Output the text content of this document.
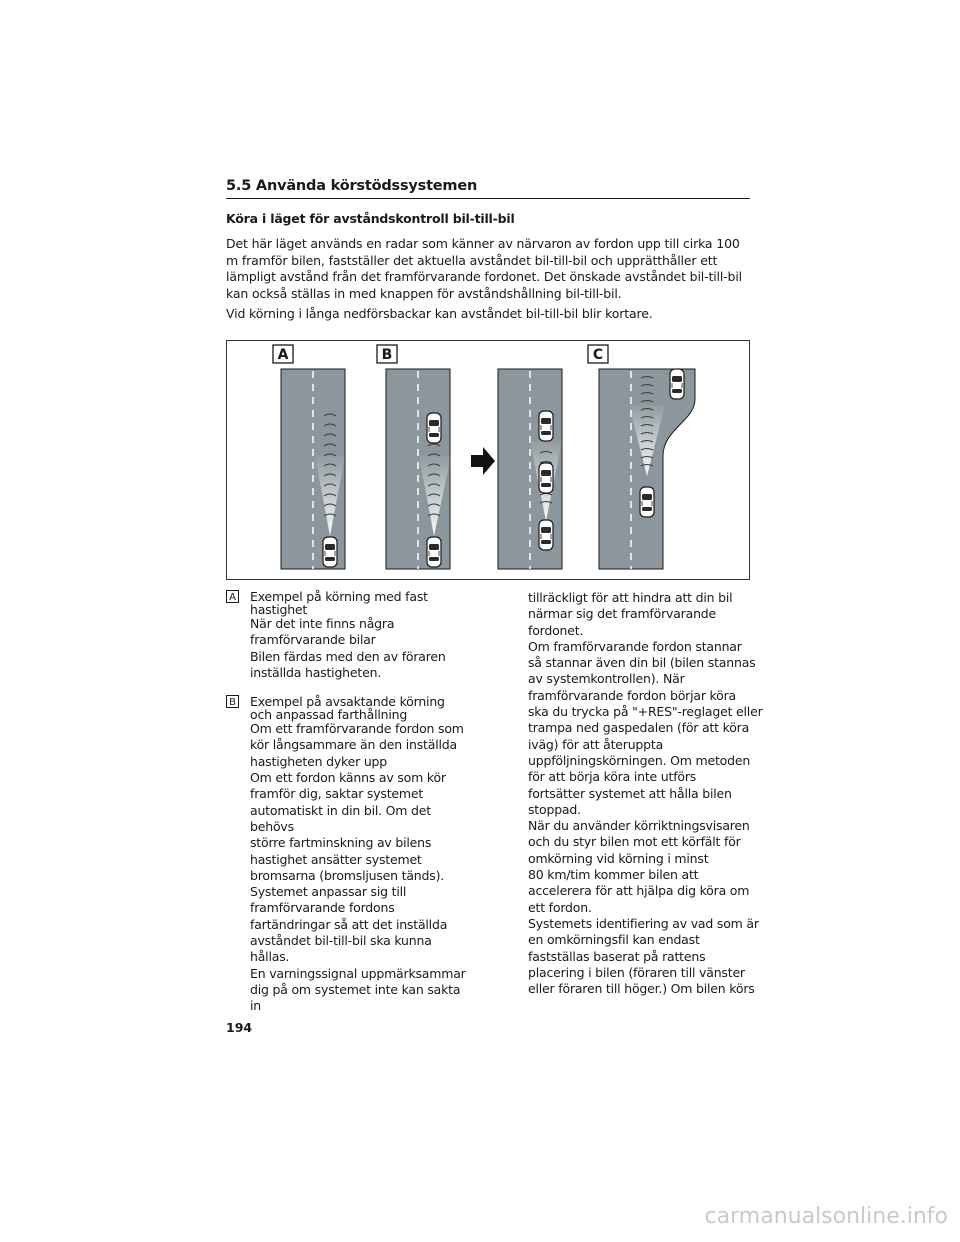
5.5 Använda körstödssystemen
Köra i läget för avståndskontroll bil-till-bil
Det här läget används en radar som känner av närvaron av fordon upp till cirka 100 m framför bilen, fastställer det aktuella avståndet bil-till-bil och upprätthåller ett lämpligt avstånd från det framförvarande fordonet. Det önskade avståndet bil-till-bil kan också ställas in med knappen för avståndshållning bil-till-bil.
Vid körning i långa nedförsbackar kan avståndet bil-till-bil blir kortare.
A	B	C
A Exempel på körning med fast hastighet
När det inte finns några
framförvarande bilar
Bilen färdas med den av föraren
inställda hastigheten.
B Exempel på avsaktande körning och anpassad farthållning
Om ett framförvarande fordon som
kör långsammare än den inställda
hastigheten dyker upp
Om ett fordon känns av som kör
framför dig, saktar systemet
automatiskt in din bil. Om det behövs
större fartminskning av bilens
hastighet ansätter systemet
bromsarna (bromsljusen tänds).
Systemet anpassar sig till
framförvarande fordons
fartändringar så att det inställda
avståndet bil-till-bil ska kunna hållas.
En varningssignal uppmärksammar
dig på om systemet inte kan sakta in
tillräckligt för att hindra att din bil
närmar sig det framförvarande
fordonet.
Om framförvarande fordon stannar
så stannar även din bil (bilen stannas
av systemkontrollen). När
framförvarande fordon börjar köra
ska du trycka på "+RES"-reglaget eller
trampa ned gaspedalen (för att köra
iväg) för att återuppta
uppföljningskörningen. Om metoden
för att börja köra inte utförs
fortsätter systemet att hålla bilen
stoppad.
När du använder körriktningsvisaren
och du styr bilen mot ett körfält för
omkörning vid körning i minst
80 km/tim kommer bilen att
accelerera för att hjälpa dig köra om
ett fordon.
Systemets identifiering av vad som är
en omkörningsfil kan endast
fastställas baserat på rattens
placering i bilen (föraren till vänster
eller föraren till höger.) Om bilen körs
194
carmanualsonline.info
